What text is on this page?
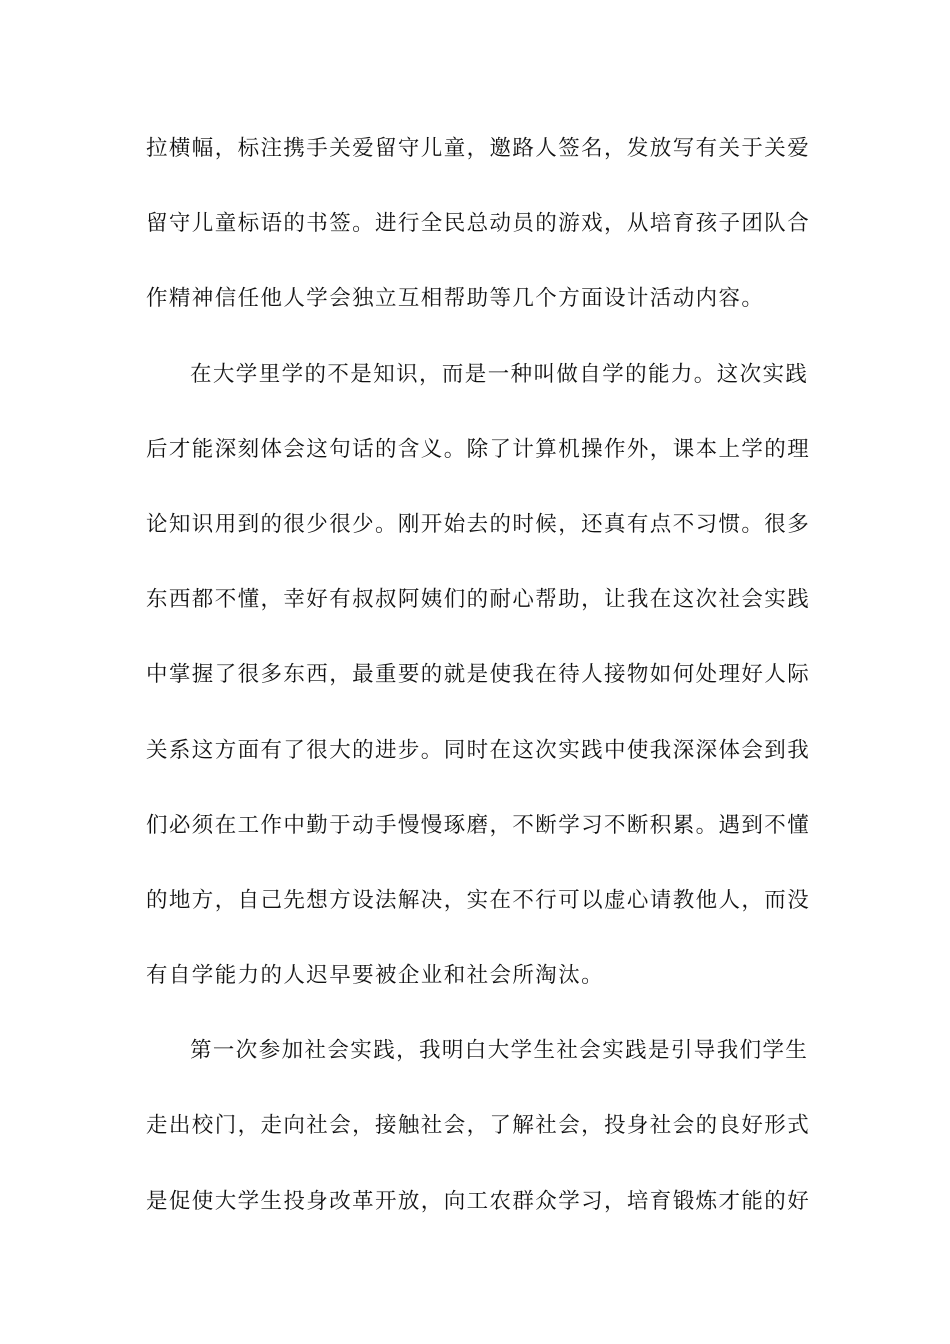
拉横幅，标注携手关爱留守儿童，邀路人签名，发放写有关于关爱
留守儿童标语的书签。进行全民总动员的游戏，从培育孩子团队合
作精神信任他人学会独立互相帮助等几个方面设计活动内容。
在大学里学的不是知识，而是一种叫做自学的能力。这次实践
后才能深刻体会这句话的含义。除了计算机操作外，课本上学的理
论知识用到的很少很少。刚开始去的时候，还真有点不习惯。很多
东西都不懂，幸好有叔叔阿姨们的耐心帮助，让我在这次社会实践
中掌握了很多东西，最重要的就是使我在待人接物如何处理好人际
关系这方面有了很大的进步。同时在这次实践中使我深深体会到我
们必须在工作中勤于动手慢慢琢磨，不断学习不断积累。遇到不懂
的地方，自己先想方设法解决，实在不行可以虚心请教他人，而没
有自学能力的人迟早要被企业和社会所淘汰。
第一次参加社会实践，我明白大学生社会实践是引导我们学生
走出校门，走向社会，接触社会，了解社会，投身社会的良好形式
是促使大学生投身改革开放，向工农群众学习，培育锻炼才能的好
